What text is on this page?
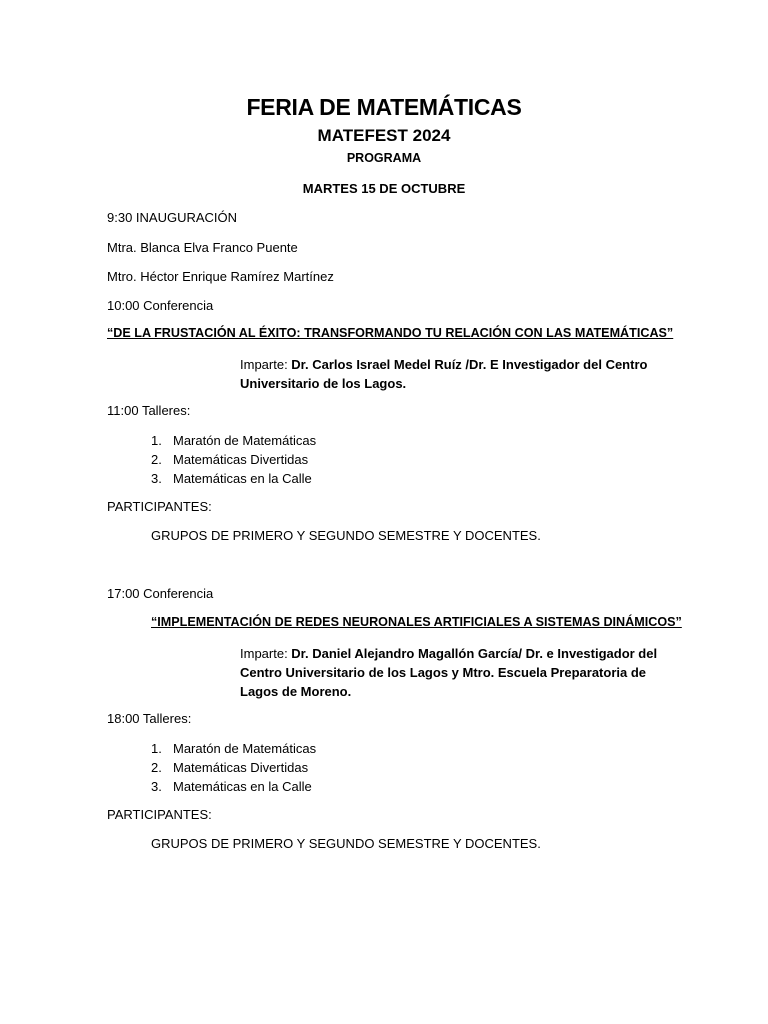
FERIA DE MATEMÁTICAS
MATEFEST 2024
PROGRAMA
MARTES 15 DE OCTUBRE
9:30 INAUGURACIÓN
Mtra. Blanca Elva Franco Puente
Mtro. Héctor Enrique Ramírez Martínez
10:00 Conferencia
“DE LA FRUSTACIÓN AL ÉXITO: TRANSFORMANDO TU RELACIÓN CON LAS MATEMÁTICAS”
Imparte: Dr. Carlos Israel Medel Ruíz /Dr. E Investigador del Centro Universitario de los Lagos.
11:00 Talleres:
1. Maratón de Matemáticas
2. Matemáticas Divertidas
3. Matemáticas en la Calle
PARTICIPANTES:
GRUPOS DE PRIMERO Y SEGUNDO SEMESTRE Y DOCENTES.
17:00 Conferencia
“IMPLEMENTACIÓN DE REDES NEURONALES ARTIFICIALES A SISTEMAS DINÁMICOS”
Imparte: Dr. Daniel Alejandro Magallón García/ Dr. e Investigador del Centro Universitario de los Lagos y Mtro. Escuela Preparatoria de Lagos de Moreno.
18:00 Talleres:
1. Maratón de Matemáticas
2. Matemáticas Divertidas
3. Matemáticas en la Calle
PARTICIPANTES:
GRUPOS DE PRIMERO Y SEGUNDO SEMESTRE Y DOCENTES.
